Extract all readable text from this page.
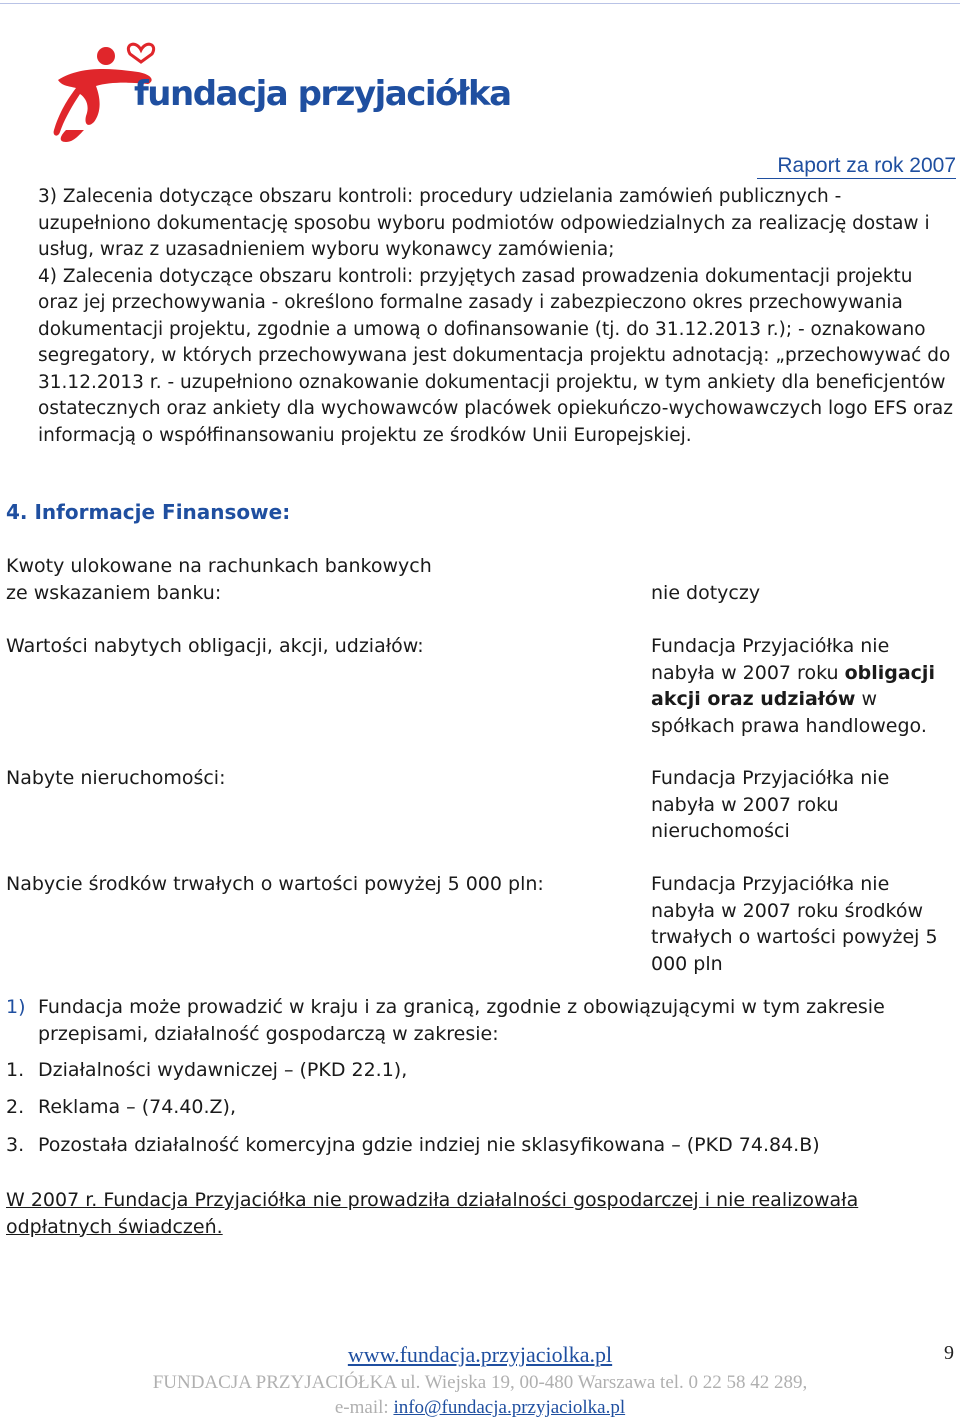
fundacja przyjaciółka
Raport za rok 2007

3) Zalecenia dotyczące obszaru kontroli: procedury udzielania zamówień publicznych - uzupełniono dokumentację sposobu wyboru podmiotów odpowiedzialnych za realizację dostaw i usług, wraz z uzasadnieniem wyboru wykonawcy zamówienia;

4) Zalecenia dotyczące obszaru kontroli: przyjętych zasad prowadzenia dokumentacji projektu oraz jej przechowywania - określono formalne zasady i zabezpieczono okres przechowywania dokumentacji projektu, zgodnie a umową o dofinansowanie (tj. do 31.12.2013 r.); - oznakowano segregatory, w których przechowywana jest dokumentacja projektu adnotacją: „przechowywać do 31.12.2013 r. - uzupełniono oznakowanie dokumentacji projektu, w tym ankiety dla beneficjentów ostatecznych oraz ankiety dla wychowawców placówek opiekuńczo-wychowawczych logo EFS oraz informacją o współfinansowaniu projektu ze środków Unii Europejskiej.

4. Informacje Finansowe:
Kwoty ulokowane na rachunkach bankowych ze wskazaniem banku:	nie dotyczy
Wartości nabytych obligacji, akcji, udziałów:	Fundacja Przyjaciółka nie nabyła w 2007 roku obligacji akcji oraz udziałów w spółkach prawa handlowego.
Nabyte nieruchomości:	Fundacja Przyjaciółka nie nabyła w 2007 roku nieruchomości
Nabycie środków trwałych o wartości powyżej 5 000 pln:	Fundacja Przyjaciółka nie nabyła w 2007 roku środków trwałych o wartości powyżej 5 000 pln
1) Fundacja może prowadzić w kraju i za granicą, zgodnie z obowiązującymi w tym zakresie przepisami, działalność gospodarczą w zakresie:
1. Działalności wydawniczej – (PKD 22.1),
2. Reklama – (74.40.Z),
3. Pozostała działalność komercyjna gdzie indziej nie sklasyfikowana – (PKD 74.84.B)
W 2007 r. Fundacja Przyjaciółka nie prowadziła działalności gospodarczej i nie realizowała odpłatnych świadczeń.
www.fundacja.przyjaciolka.pl	9
FUNDACJA PRZYJACIÓŁKA ul. Wiejska 19, 00-480 Warszawa tel. 0 22 58 42 289,
e-mail: info@fundacja.przyjaciolka.pl
